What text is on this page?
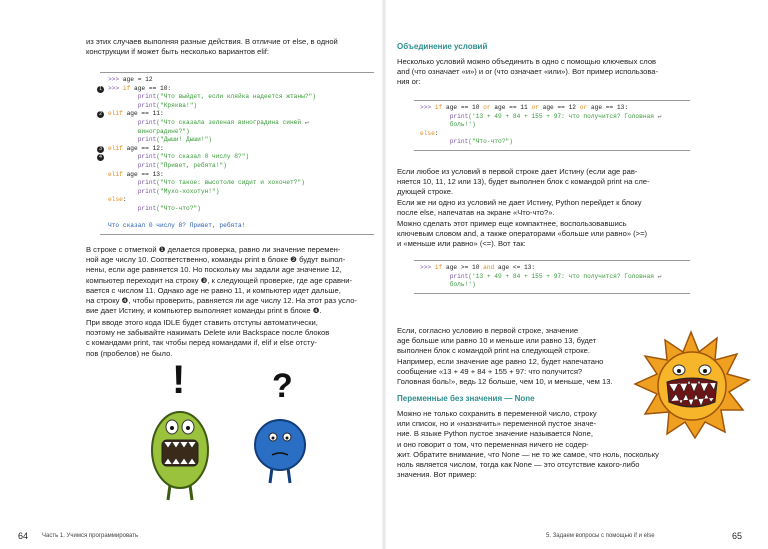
из этих случаев выполняя разные действия. В отличие от else, в одной
конструкции if может быть несколько вариантов elif:
>>> age = 12
1 >>> if age == 10:
print("Что выйдет, если кляйка надеется жтаны?")
print("Кряква!")
2 elif age == 11:
print("Что сказала зеленая виноградина синей ↵
виноградине?")
print("Дыши! Дыши!")
3 elif age == 12:
4	print("Что сказал 0 числу 8?")
print("Привет, ребята!")
elif age == 13:
print("Что такое: высотолю сидит и хохочет?")
print("Мухо-хохотун!")
else:
print("Что-что?")

Что сказал 0 числу 8? Привет, ребята!
В строке с отметкой ❶ делается проверка, равно ли значение перемен-
ной age числу 10. Соответственно, команды print в блоке ❷ будут выпол-
нены, если age равняется 10. Но поскольку мы задали age значение 12,
компьютер переходит на строку ❸, к следующей проверке, где age сравни-
вается с числом 11. Однако age не равно 11, и компьютер идет дальше,
на строку ❹, чтобы проверить, равняется ли age числу 12. На этот раз усло-
вие дает Истину, и компьютер выполняет команды print в блоке ❹.
При вводе этого кода IDLE будет ставить отступы автоматически,
поэтому не забывайте нажимать Delete или Backspace после блоков
с командами print, так чтобы перед командами if, elif и else отсту-
пов (пробелов) не было.
!	?
64 Часть 1. Учимся программировать
Объединение условий
Несколько условий можно объединить в одно с помощью ключевых слов
and (что означает «и») и or (что означает «или»). Вот пример использова-
ния or:
>>> if age == 10 or age == 11 or age == 12 or age == 13:
print('13 + 49 + 84 + 155 + 97: что получится? Головная ↵
боль!')
else:
print("Что-что?")
Если любое из условий в первой строке дает Истину (если age рав-
няется 10, 11, 12 или 13), будет выполнен блок с командой print на сле-
дующей строке.
Если же ни одно из условий не дает Истину, Python перейдет к блоку
после else, напечатав на экране «Что-что?».
Можно сделать этот пример еще компактнее, воспользовавшись
ключевым словом and, а также операторами «больше или равно» (>=)
и «меньше или равно» (<=). Вот так:
>>> if age >= 10 and age <= 13:
print('13 + 49 + 84 + 155 + 97: что получится? Головная ↵
боль!')
Если, согласно условию в первой строке, значение
age больше или равно 10 и меньше или равно 13, будет
выполнен блок с командой print на следующей строке.
Например, если значение age равно 12, будет напечатано
сообщение «13 + 49 + 84 + 155 + 97: что получится?
Головная боль!», ведь 12 больше, чем 10, и меньше, чем 13.
Переменные без значения — None
Можно не только сохранить в переменной число, строку
или список, но и «назначить» переменной пустое значе-
ние. В языке Python пустое значение называется None,
и оно говорит о том, что переменная ничего не содер-
жит. Обратите внимание, что None — не то же самое, что ноль, поскольку
ноль является числом, тогда как None — это отсутствие какого-либо
значения. Вот пример:
5. Задаем вопросы с помощью if и else	65
